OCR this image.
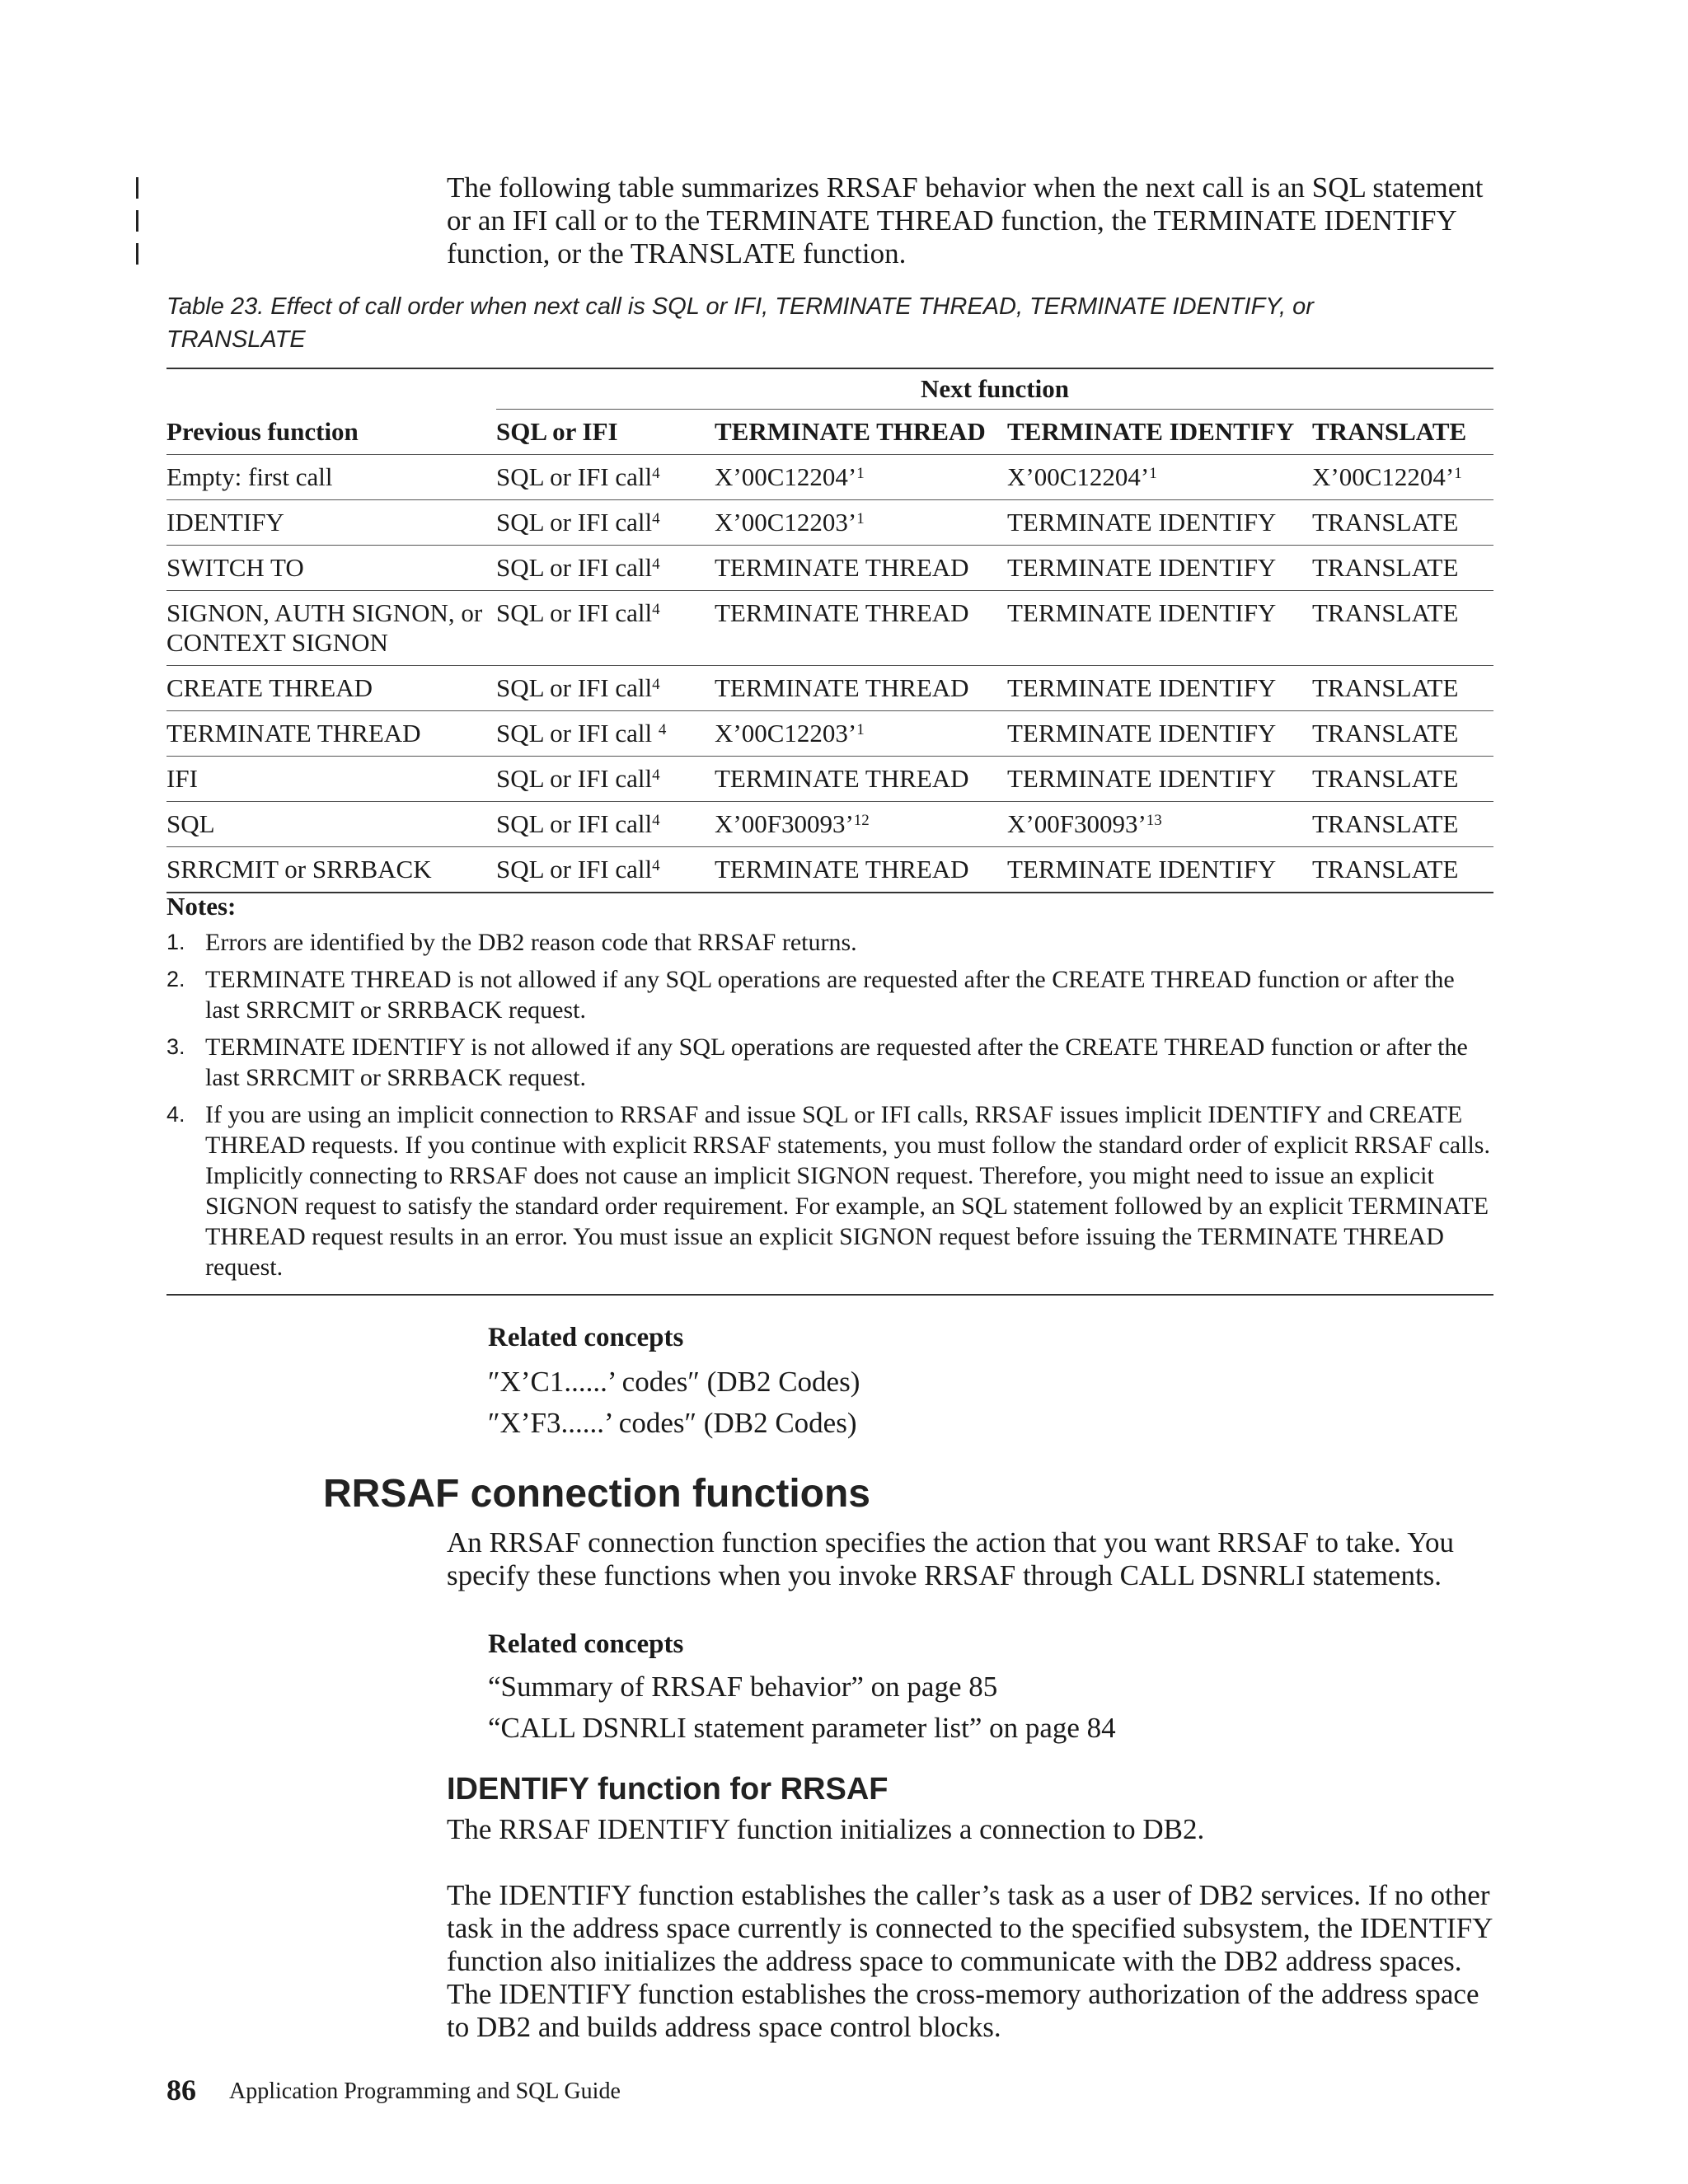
The following table summarizes RRSAF behavior when the next call is an SQL statement or an IFI call or to the TERMINATE THREAD function, the TERMINATE IDENTIFY function, or the TRANSLATE function.
Table 23. Effect of call order when next call is SQL or IFI, TERMINATE THREAD, TERMINATE IDENTIFY, or TRANSLATE
	Next function			
Previous function	SQL or IFI	TERMINATE THREAD	TERMINATE IDENTIFY	TRANSLATE
Empty: first call	SQL or IFI call$^4$	X’00C12204’$^1$	X’00C12204’$^1$	X’00C12204’$^1$
IDENTIFY	SQL or IFI call$^4$	X’00C12203’$^1$	TERMINATE IDENTIFY	TRANSLATE
SWITCH TO	SQL or IFI call$^4$	TERMINATE THREAD	TERMINATE IDENTIFY	TRANSLATE
SIGNON, AUTH SIGNON, or CONTEXT SIGNON	SQL or IFI call$^4$	TERMINATE THREAD	TERMINATE IDENTIFY	TRANSLATE
CREATE THREAD	SQL or IFI call$^4$	TERMINATE THREAD	TERMINATE IDENTIFY	TRANSLATE
TERMINATE THREAD	SQL or IFI call $^4$	X’00C12203’$^1$	TERMINATE IDENTIFY	TRANSLATE
IFI	SQL or IFI call$^4$	TERMINATE THREAD	TERMINATE IDENTIFY	TRANSLATE
SQL	SQL or IFI call$^4$	X’00F30093’$^{12}$	X’00F30093’$^{13}$	TRANSLATE
SRRCMIT or SRRBACK	SQL or IFI call$^4$	TERMINATE THREAD	TERMINATE IDENTIFY	TRANSLATE
Notes:
1. Errors are identified by the DB2 reason code that RRSAF returns.
2. TERMINATE THREAD is not allowed if any SQL operations are requested after the CREATE THREAD function or after the last SRRCMIT or SRRBACK request.
3. TERMINATE IDENTIFY is not allowed if any SQL operations are requested after the CREATE THREAD function or after the last SRRCMIT or SRRBACK request.
4. If you are using an implicit connection to RRSAF and issue SQL or IFI calls, RRSAF issues implicit IDENTIFY and CREATE THREAD requests. If you continue with explicit RRSAF statements, you must follow the standard order of explicit RRSAF calls. Implicitly connecting to RRSAF does not cause an implicit SIGNON request. Therefore, you might need to issue an explicit SIGNON request to satisfy the standard order requirement. For example, an SQL statement followed by an explicit TERMINATE THREAD request results in an error. You must issue an explicit SIGNON request before issuing the TERMINATE THREAD request.
Related concepts
″X’C1......’ codes″ (DB2 Codes)
″X’F3......’ codes″ (DB2 Codes)
RRSAF connection functions
An RRSAF connection function specifies the action that you want RRSAF to take. You specify these functions when you invoke RRSAF through CALL DSNRLI statements.
Related concepts
“Summary of RRSAF behavior” on page 85
“CALL DSNRLI statement parameter list” on page 84
IDENTIFY function for RRSAF
The RRSAF IDENTIFY function initializes a connection to DB2.
The IDENTIFY function establishes the caller’s task as a user of DB2 services. If no other task in the address space currently is connected to the specified subsystem, the IDENTIFY function also initializes the address space to communicate with the DB2 address spaces. The IDENTIFY function establishes the cross-memory authorization of the address space to DB2 and builds address space control blocks.
86 Application Programming and SQL Guide
